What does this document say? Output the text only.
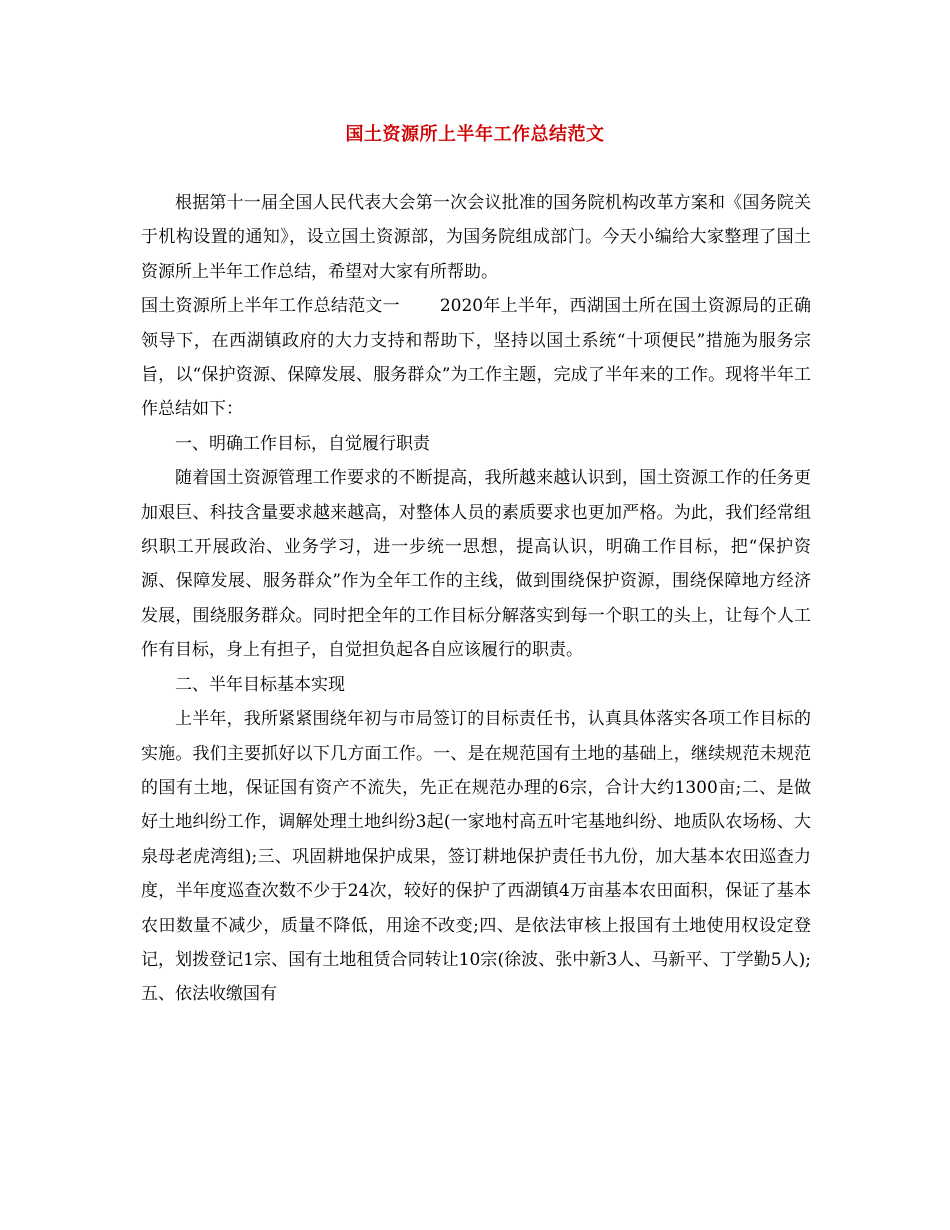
国土资源所上半年工作总结范文

根据第十一届全国人民代表大会第一次会议批准的国务院机构改革方案和《国务院关于机构设置的通知》，设立国土资源部，为国务院组成部门。今天小编给大家整理了国土资源所上半年工作总结，希望对大家有所帮助。

国土资源所上半年工作总结范文一 2020年上半年，西湖国土所在国土资源局的正确领导下，在西湖镇政府的大力支持和帮助下，坚持以国土系统“十项便民”措施为服务宗旨，以“保护资源、保障发展、服务群众”为工作主题，完成了半年来的工作。现将半年工作总结如下：

一、明确工作目标，自觉履行职责

随着国土资源管理工作要求的不断提高，我所越来越认识到，国土资源工作的任务更加艰巨、科技含量要求越来越高，对整体人员的素质要求也更加严格。为此，我们经常组织职工开展政治、业务学习，进一步统一思想，提高认识，明确工作目标，把“保护资源、保障发展、服务群众”作为全年工作的主线，做到围绕保护资源，围绕保障地方经济发展，围绕服务群众。同时把全年的工作目标分解落实到每一个职工的头上，让每个人工作有目标，身上有担子，自觉担负起各自应该履行的职责。

二、半年目标基本实现

上半年，我所紧紧围绕年初与市局签订的目标责任书，认真具体落实各项工作目标的实施。我们主要抓好以下几方面工作。一、是在规范国有土地的基础上，继续规范未规范的国有土地，保证国有资产不流失，先正在规范办理的6宗，合计大约1300亩;二、是做好土地纠纷工作，调解处理土地纠纷3起(一家地村高五叶宅基地纠纷、地质队农场杨、大泉母老虎湾组);三、巩固耕地保护成果，签订耕地保护责任书九份，加大基本农田巡查力度，半年度巡查次数不少于24次，较好的保护了西湖镇4万亩基本农田面积，保证了基本农田数量不减少，质量不降低，用途不改变;四、是依法审核上报国有土地使用权设定登记，划拨登记1宗、国有土地租赁合同转让10宗(徐波、张中新3人、马新平、丁学勤5人);五、依法收缴国有
